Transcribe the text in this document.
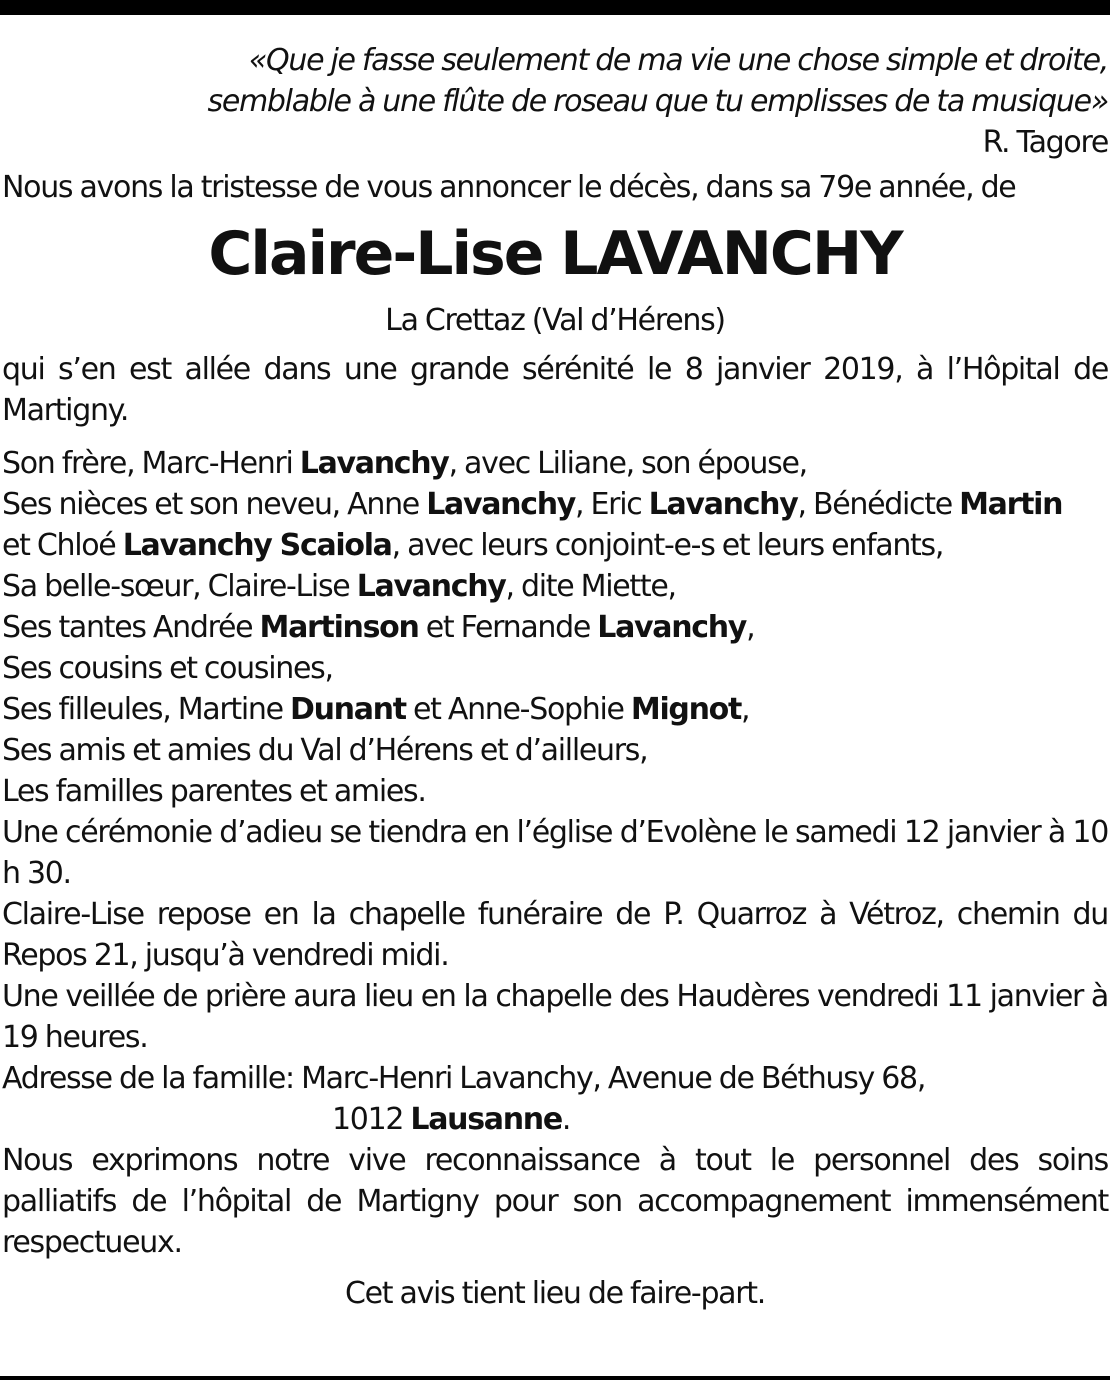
«Que je fasse seulement de ma vie une chose simple et droite,
semblable à une flûte de roseau que tu emplisses de ta musique»
R. Tagore
Nous avons la tristesse de vous annoncer le décès, dans sa 79e année, de
Claire-Lise LAVANCHY
La Crettaz (Val d’Hérens)
qui s’en est allée dans une grande sérénité le 8 janvier 2019, à l’Hôpital de Martigny.
Son frère, Marc-Henri Lavanchy, avec Liliane, son épouse,
Ses nièces et son neveu, Anne Lavanchy, Eric Lavanchy, Bénédicte Martin
et Chloé Lavanchy Scaiola, avec leurs conjoint-e-s et leurs enfants,
Sa belle-sœur, Claire-Lise Lavanchy, dite Miette,
Ses tantes Andrée Martinson et Fernande Lavanchy,
Ses cousins et cousines,
Ses filleules, Martine Dunant et Anne-Sophie Mignot,
Ses amis et amies du Val d’Hérens et d’ailleurs,
Les familles parentes et amies.
Une cérémonie d’adieu se tiendra en l’église d’Evolène le samedi 12 janvier à 10 h 30.
Claire-Lise repose en la chapelle funéraire de P. Quarroz à Vétroz, chemin du Repos 21, jusqu’à vendredi midi.
Une veillée de prière aura lieu en la chapelle des Haudères vendredi 11 janvier à 19 heures.
Adresse de la famille: Marc-Henri Lavanchy, Avenue de Béthusy 68,
1012 Lausanne.
Nous exprimons notre vive reconnaissance à tout le personnel des soins palliatifs de l’hôpital de Martigny pour son accompagnement immensément respectueux.
Cet avis tient lieu de faire-part.
